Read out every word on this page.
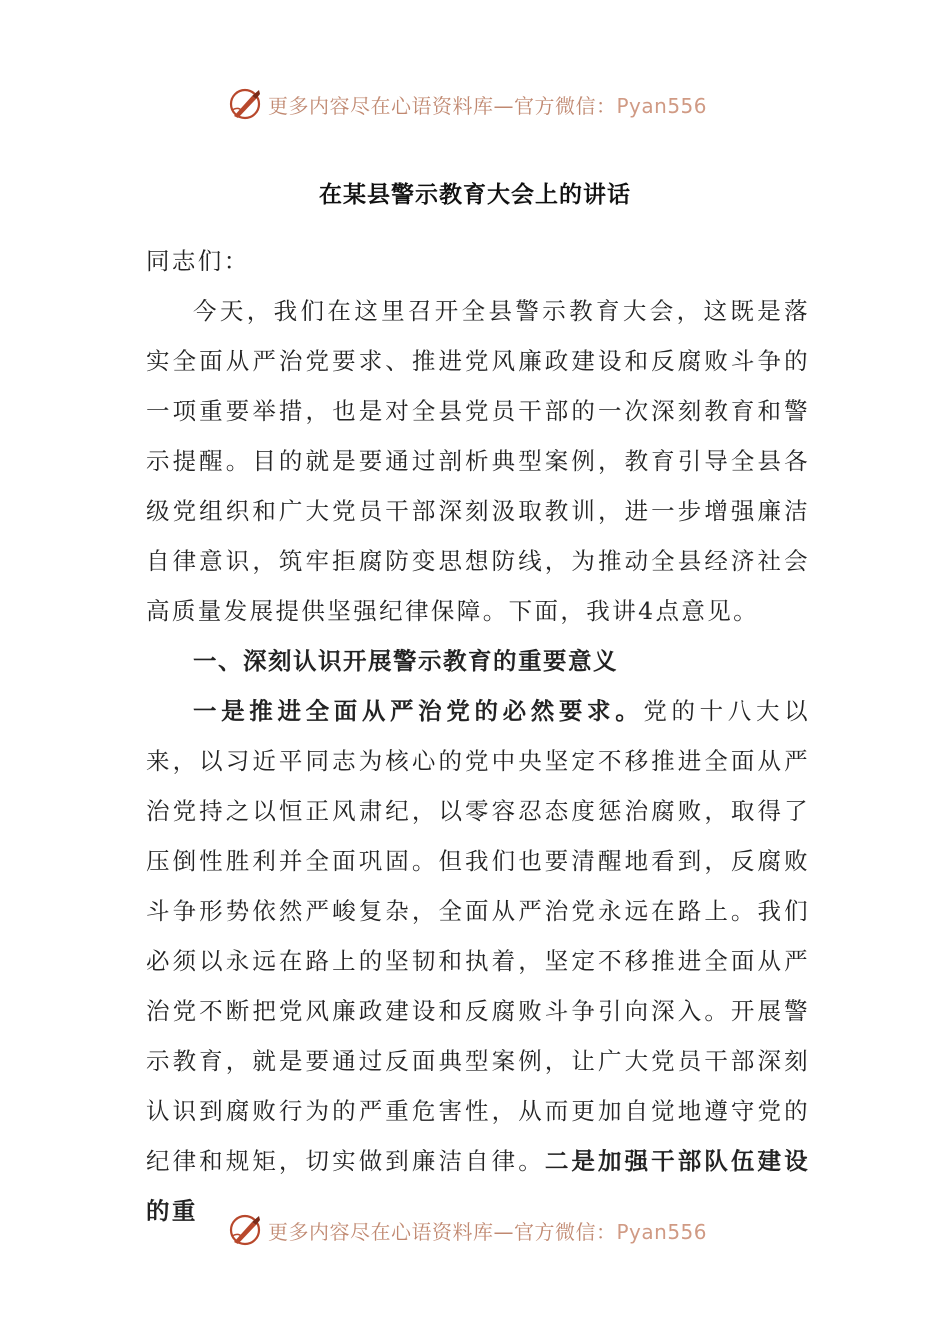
更多内容尽在心语资料库—官方微信：Pyan556
在某县警示教育大会上的讲话

同志们：

今天，我们在这里召开全县警示教育大会，这既是落实全面从严治党要求、推进党风廉政建设和反腐败斗争的一项重要举措，也是对全县党员干部的一次深刻教育和警示提醒。目的就是要通过剖析典型案例，教育引导全县各级党组织和广大党员干部深刻汲取教训，进一步增强廉洁自律意识，筑牢拒腐防变思想防线，为推动全县经济社会高质量发展提供坚强纪律保障。下面，我讲4点意见。

一、深刻认识开展警示教育的重要意义

一是推进全面从严治党的必然要求。党的十八大以来，以习近平同志为核心的党中央坚定不移推进全面从严治党持之以恒正风肃纪，以零容忍态度惩治腐败，取得了压倒性胜利并全面巩固。但我们也要清醒地看到，反腐败斗争形势依然严峻复杂，全面从严治党永远在路上。我们必须以永远在路上的坚韧和执着，坚定不移推进全面从严治党不断把党风廉政建设和反腐败斗争引向深入。开展警示教育，就是要通过反面典型案例，让广大党员干部深刻认识到腐败行为的严重危害性，从而更加自觉地遵守党的纪律和规矩，切实做到廉洁自律。二是加强干部队伍建设的重

更多内容尽在心语资料库—官方微信：Pyan556
